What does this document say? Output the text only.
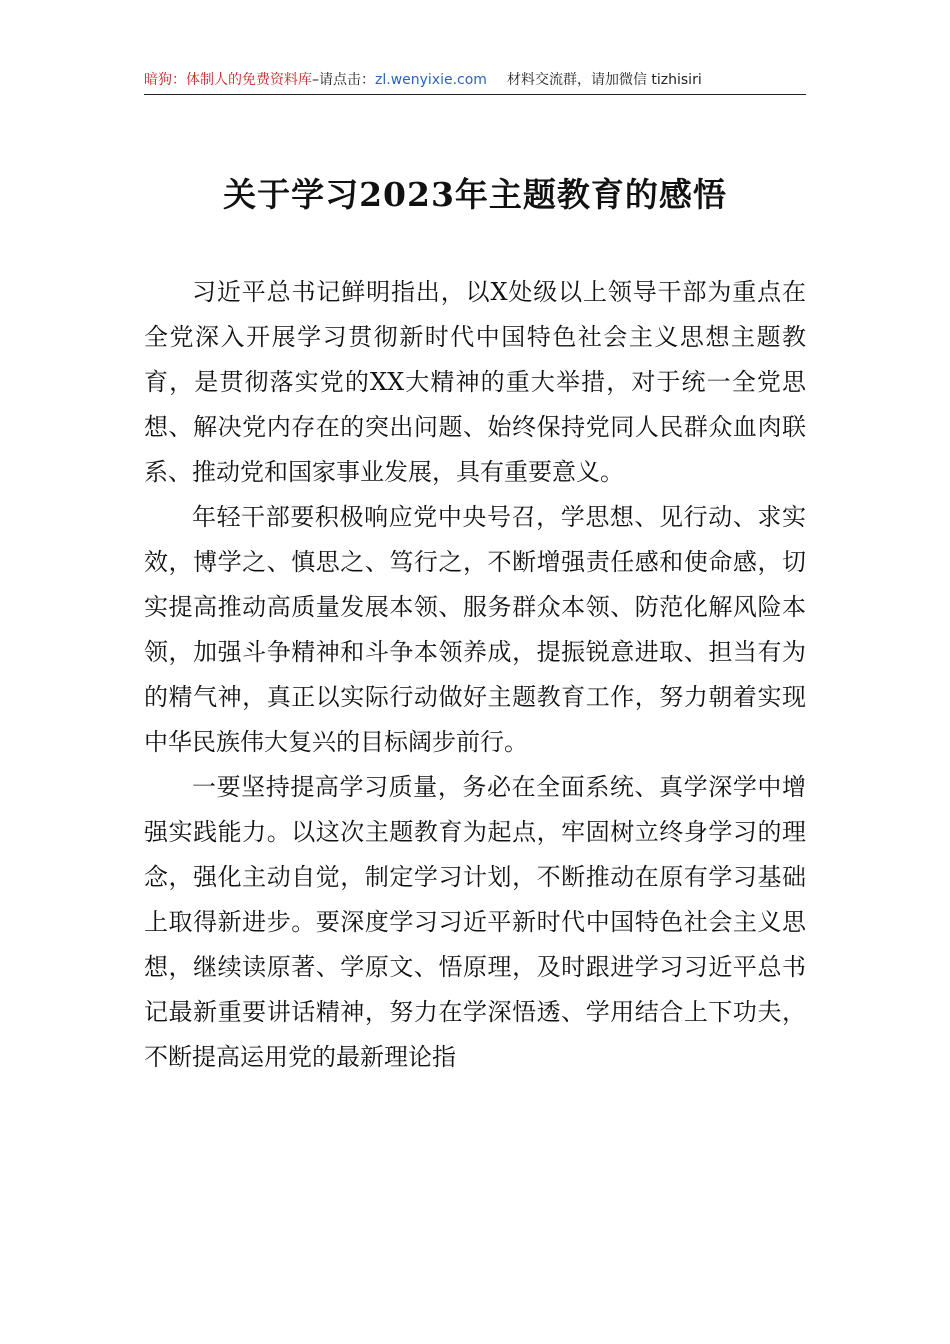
暗狗：体制人的免费资料库–请点击：zl.wenyixie.com 材料交流群，请加微信 tizhisiri
关于学习2023年主题教育的感悟

习近平总书记鲜明指出，以X处级以上领导干部为重点在全党深入开展学习贯彻新时代中国特色社会主义思想主题教育，是贯彻落实党的XX大精神的重大举措，对于统一全党思想、解决党内存在的突出问题、始终保持党同人民群众血肉联系、推动党和国家事业发展，具有重要意义。

年轻干部要积极响应党中央号召，学思想、见行动、求实效，博学之、慎思之、笃行之，不断增强责任感和使命感，切实提高推动高质量发展本领、服务群众本领、防范化解风险本领，加强斗争精神和斗争本领养成，提振锐意进取、担当有为的精气神，真正以实际行动做好主题教育工作，努力朝着实现中华民族伟大复兴的目标阔步前行。

一要坚持提高学习质量，务必在全面系统、真学深学中增强实践能力。以这次主题教育为起点，牢固树立终身学习的理念，强化主动自觉，制定学习计划，不断推动在原有学习基础上取得新进步。要深度学习习近平新时代中国特色社会主义思想，继续读原著、学原文、悟原理，及时跟进学习习近平总书记最新重要讲话精神，努力在学深悟透、学用结合上下功夫，不断提高运用党的最新理论指
